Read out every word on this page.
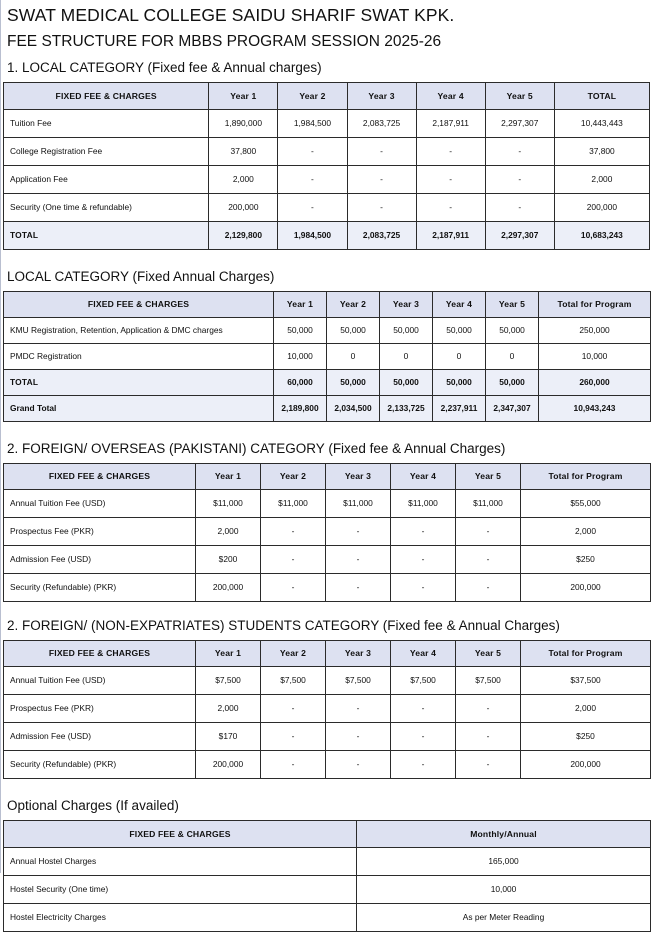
SWAT MEDICAL COLLEGE SAIDU SHARIF SWAT KPK.
FEE STRUCTURE FOR MBBS PROGRAM SESSION 2025-26
1. LOCAL CATEGORY (Fixed fee & Annual charges)
FIXED FEE & CHARGES	Year 1	Year 2	Year 3	Year 4	Year 5	TOTAL
Tuition Fee	1,890,000	1,984,500	2,083,725	2,187,911	2,297,307	10,443,443
College Registration Fee	37,800	-	-	-	-	37,800
Application Fee	2,000	-	-	-	-	2,000
Security (One time & refundable)	200,000	-	-	-	-	200,000
TOTAL	2,129,800	1,984,500	2,083,725	2,187,911	2,297,307	10,683,243
LOCAL CATEGORY (Fixed Annual Charges)
FIXED FEE & CHARGES	Year 1	Year 2	Year 3	Year 4	Year 5	Total for Program
KMU Registration, Retention, Application & DMC charges	50,000	50,000	50,000	50,000	50,000	250,000
PMDC Registration	10,000	0	0	0	0	10,000
TOTAL	60,000	50,000	50,000	50,000	50,000	260,000
Grand Total	2,189,800	2,034,500	2,133,725	2,237,911	2,347,307	10,943,243
2. FOREIGN/ OVERSEAS (PAKISTANI) CATEGORY (Fixed fee & Annual Charges)
FIXED FEE & CHARGES	Year 1	Year 2	Year 3	Year 4	Year 5	Total for Program
Annual Tuition Fee (USD)	$11,000	$11,000	$11,000	$11,000	$11,000	$55,000
Prospectus Fee (PKR)	2,000	-	-	-	-	2,000
Admission Fee (USD)	$200	-	-	-	-	$250
Security (Refundable) (PKR)	200,000	-	-	-	-	200,000
2. FOREIGN/ (NON-EXPATRIATES) STUDENTS CATEGORY (Fixed fee & Annual Charges)
FIXED FEE & CHARGES	Year 1	Year 2	Year 3	Year 4	Year 5	Total for Program
Annual Tuition Fee (USD)	$7,500	$7,500	$7,500	$7,500	$7,500	$37,500
Prospectus Fee (PKR)	2,000	-	-	-	-	2,000
Admission Fee (USD)	$170	-	-	-	-	$250
Security (Refundable) (PKR)	200,000	-	-	-	-	200,000
Optional Charges (If availed)
FIXED FEE & CHARGES	Monthly/Annual
Annual Hostel Charges	165,000
Hostel Security (One time)	10,000
Hostel Electricity Charges	As per Meter Reading
